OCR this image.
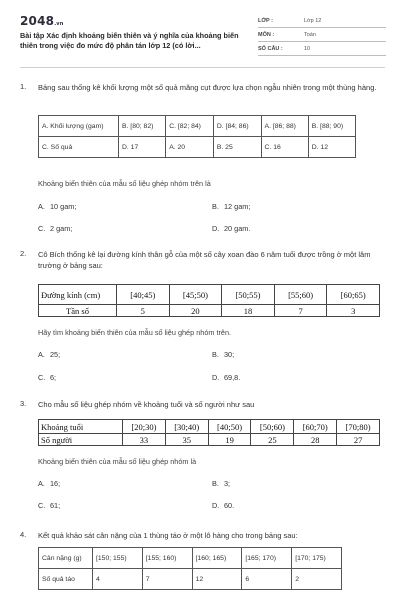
2048.vn
Bài tập Xác định khoảng biến thiên và ý nghĩa của khoảng biến thiên trong việc đo mức độ phân tán lớp 12 (có lời...
LỚP :	Lớp 12
MÔN :	Toán
SỐ CÂU :	10
1. Bảng sau thống kê khối lượng một số quả măng cụt được lựa chọn ngẫu nhiên trong một thùng hàng.
A. Khối lượng (gam)	B. [80; 82)	C. [82; 84)	D. [84; 86)	A. [86; 88)	B. [88; 90)
C. Số quả	D. 17	A. 20	B. 25	C. 16	D. 12
Khoảng biến thiên của mẫu số liệu ghép nhóm trên là
A. 10 gam;	B. 12 gam;
C. 2 gam;	D. 20 gam.
2. Cô Bích thống kê lại đường kính thân gỗ của một số cây xoan đào 6 năm tuổi được trồng ở một lâm trường ở bảng sau:
Đường kính (cm)	[40;45)	[45;50)	[50;55)	[55;60)	[60;65)
Tần số	5	20	18	7	3
Hãy tìm khoảng biến thiên của mẫu số liệu ghép nhóm trên.
A. 25;	B. 30;
C. 6;	D. 69,8.
3. Cho mẫu số liệu ghép nhóm về khoảng tuổi và số người như sau
Khoảng tuổi	[20;30)	[30;40)	[40;50)	[50;60)	[60;70)	[70;80)
Số người	33	35	19	25	28	27
Khoảng biến thiên của mẫu số liệu ghép nhóm là
A. 16;	B. 3;
C. 61;	D. 60.
4. Kết quả khảo sát cân nặng của 1 thùng táo ở một lô hàng cho trong bảng sau:
Cân nặng (g)	[150; 155)	[155; 160)	[160; 165)	[165; 170)	[170; 175)
Số quả táo	4	7	12	6	2
